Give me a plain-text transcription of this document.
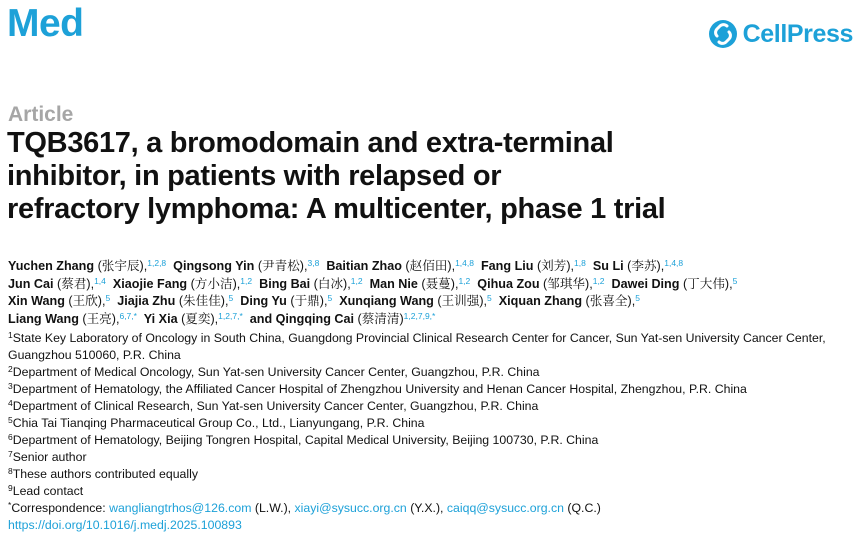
Med	CellPress
Article
TQB3617, a bromodomain and extra-terminal
inhibitor, in patients with relapsed or
refractory lymphoma: A multicenter, phase 1 trial
Yuchen Zhang (张宇辰),$^{1,2,8}$ Qingsong Yin (尹青松),$^{3,8}$ Baitian Zhao (赵佰田),$^{1,4,8}$ Fang Liu (刘芳),$^{1,8}$ Su Li (李苏),$^{1,4,8}$
Jun Cai (蔡君),$^{1,4}$ Xiaojie Fang (方小洁),$^{1,2}$ Bing Bai (白冰),$^{1,2}$ Man Nie (聂蔓),$^{1,2}$ Qihua Zou (邹琪华),$^{1,2}$ Dawei Ding (丁大伟),$^5$
Xin Wang (王欣),$^5$ Jiajia Zhu (朱佳佳),$^5$ Ding Yu (于鼎),$^5$ Xunqiang Wang (王训强),$^5$ Xiquan Zhang (张喜全),$^5$
Liang Wang (王亮),$^{6,7,*}$ Yi Xia (夏奕),$^{1,2,7,*}$ and Qingqing Cai (蔡清清)$^{1,2,7,9,*}$
$^1$State Key Laboratory of Oncology in South China, Guangdong Provincial Clinical Research Center for Cancer, Sun Yat-sen University Cancer Center, Guangzhou 510060, P.R. China
$^2$Department of Medical Oncology, Sun Yat-sen University Cancer Center, Guangzhou, P.R. China
$^3$Department of Hematology, the Affiliated Cancer Hospital of Zhengzhou University and Henan Cancer Hospital, Zhengzhou, P.R. China
$^4$Department of Clinical Research, Sun Yat-sen University Cancer Center, Guangzhou, P.R. China
$^5$Chia Tai Tianqing Pharmaceutical Group Co., Ltd., Lianyungang, P.R. China
$^6$Department of Hematology, Beijing Tongren Hospital, Capital Medical University, Beijing 100730, P.R. China
$^7$Senior author
$^8$These authors contributed equally
$^9$Lead contact
*Correspondence: wangliangtrhos@126.com (L.W.), xiayi@sysucc.org.cn (Y.X.), caiqq@sysucc.org.cn (Q.C.)
https://doi.org/10.1016/j.medj.2025.100893
